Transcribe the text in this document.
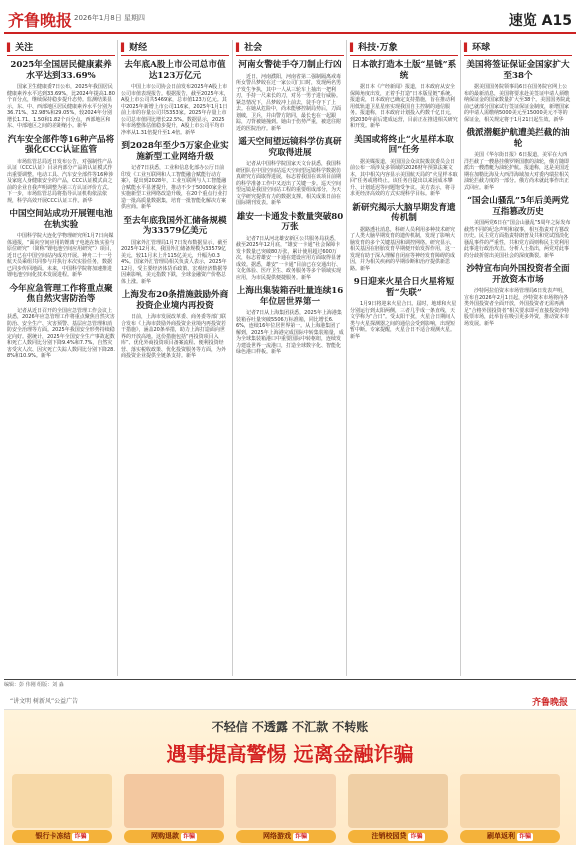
齐鲁晚报 2026年1月8日 星期四	速览 A15
▌ 关注
2025年全国居民健康素养水平达到33.69%

国家卫生健康委7日公布，2025年我国居民健康素养水平达到33.69%，比2024年提高1.80个百分点，继续保持稳步提升态势。监测结果显示，东、中、西部地区居民健康素养水平分别为36.71%、32.98%和29.05%，较2024年分别增长1.71、1.50和1.82个百分点。西部地区和东、中部地区之间的差距缩小。新华

汽车安全部件等16种产品将强化CCC认证监管

市场监管总局近日发布公告，对强制性产品认证（CCC认证）目录内部分产品的认证模式作出重要调整。电动工具、汽车安全部件等16种涉及家庭人身健康安全的产品，CCC认证模式由之前的企业自我声明调整为第三方认证评价方式。下一步，市场监管总局将指导认证机构依法依规，科学高效开展CCC认证工作。新华

中国空间站成功开展锂电池在轨实验

中国科学院大连化学物理研究所1月7日向媒体通报，“面向空间应用的锂离子电池在轨实验与原位研究”（简称“锂电池空间应用研究”）项目，近日已在中国空间站内成功开展。神舟二十一号航天员乘组共同参与并执行本次实验任务，数据已同步传回地面。未来，中国科学院将加速推进锂电池空间化技术发展进程。新华

今年应急管理工作将重点聚焦自然灾害防治等

记者从近日召开的全国应急管理工作会议上获悉，2026年应急管理工作将重点聚焦自然灾害防治、安全生产、灾害预警、基层应急管理和消防安全治理等方面。2025年我国安全形势持续稳定向好。据统计，2025年全国安全生产事故起数和死亡人数同比分别下降9.4%和7.7%，自然灾害受灾人次、因灾死亡失踪人数同比分别下降28.8%和10.9%。新华

▌ 财经
去年底A股上市公司总市值达123万亿元

中国上市公司协会日前发布2025年A股上市公司市值表现报告。根据报告，截至2025年末，A股上市公司共5469家，总市值123万亿元。其中2025年新增上市公司116家，2025年1月1日前上市的存量公司共5353家。2025年存量上市公司总市值同比增长22.5%。数据显示，2025年市场整体估值稳步提升，A股上市公司平均市净率从1.31倍提升至1.4倍。新华

到2028年至少5万家企业实施新型工业网络升级

记者7日获悉，工业和信息化部办公厅日前印发《工业互联网和人工智能融合赋能行动方案》，提出到2028年，工业互联网与人工智能融合赋能水平显著提升，推动不少于50000家企业实施新型工业网络改造升级，在20个重点行业打造一批高质量数据集，培育一批智能化解决方案供应商。新华

至去年底我国外汇储备规模为33579亿美元

国家外汇管理局1月7日发布数据显示，截至2025年12月末，我国外汇储备规模为33579亿美元，较11月末上升115亿美元，升幅为0.34%。国家外汇管理局相关负责人表示，2025年12月，受主要经济体货币政策、宏观经济数据等因素影响，美元指数下跌，全球金融资产价格总体上涨。新华

上海发布20条措施鼓励外商投资企业境内再投资

日前，上海市发展改革委、商务委等部门联合发布《上海市鼓励外商投资企业境内再投资若干措施》，涵盖20条举措，助力上海打造面向世界的开放高地。这份措施包括“再投资项目入库”、优化外商投资项目备案流程、便利投资经营、落实税收政策、优化投资服务等方面，为外商投资企业提供全链条支持。新华

▌ 社会
河南女警徒手夺刀制止行凶

近日，河南濮阳，河南省第二强制隔离戒毒所女警吕梦皎在过一家公司门口时，发现两名男子发生争执，其中一人从三轮车上抽出一把利刃，手持一尺来长的刀，对另一男子进行威胁。紧急情况下，吕梦皎冲上前去，徒手夺下了上去。在她从危险中，尚未能够控制局势后，刀面划破，卫兵，并由警方陪同，最长也在一起跟踪，刀背被她撞到。她由于伤势严重，被送往附近的医院治疗。新华

遥天空间望远镜科学仿真研究取得进展

记者从中国科学院国家天文台获悉，我国科研团队在中国空间站巡天空间望远镜科学数据仿真研究方面取得进展，标志着我国在该项目前期的科学准备工作中又迈出了关键一步。巡天空间望远镜是我国空间站工程的重要组成部分，为天文学研究提供有力的数据支撑。相关成果日前在国际期刊发表。新华

雄安一卡通发卡数量突破80万张

记者7日从河北雄安新区公共服务局获悉，截至2025年12月底，“雄安一卡通”社会保障卡发卡数量已突破80万张，累计使用超过600万次，标志着雄安一卡通在建设应用方面取得显著成效。据悉，雄安“一卡通”目前已在交通出行、文化体验、医疗卫生、政务服务等多个领域实现应用，为市民提供便捷服务。新华

上海出集装箱吞吐量连续16年位居世界第一

记者7日从上海集团获悉，2025年上海港集装箱吞吐量突破5506万标准箱，同比增长6.6%，连续16年位居世界第一。从上海港集团了解到，2025年上海港完成国际中转集装箱量，成为全球集装箱港口中重要国际中转枢纽，连续发力建设世界一流港口，打造全球数字化、智能化绿色港口样板。新华

▌ 科技·万象
日本欲打造本土版“星链”系统

据日本《产经新闻》报道，日本政府从安全保障角度出发，正着手打造“日本版星链”系统。报道说，日本政府已确定支持措施，旨在推动利用低轨道卫星星座实现我国自主控制的通信服务。报道称，日本政府计划投入约数千亿日元，到2030年前后建成运营，目前正在推进相关研究和开发。新华

美国或将终止“火星样本取回”任务

据美媒报道，美国国会众议院拨款委员会日前公布一项涉及多领域的2026财年预算法案文本，其中相关内容显示美国航天局的“火星样本取回”任务或将终止。该任务自提出以来因成本攀升、计划延迟等问题饱受争议。美方表示，将寻求更经济高效的方式实现科学目标。新华

新研究揭示大脑早期发育遗传机制

据路透社消息，科研人员利用多种技术研究了人类大脑早期发育的遗传机制，发现了影响大脑发育的多个关键基因和调控网络。研究显示，相关基因在胚胎发育早期便开始发挥作用，这一发现有助于深入理解自闭症等神经发育障碍的成因，并为相关疾病的早期诊断和治疗提供新思路。新华

9日迎来火星合日火星将短暂“失联”

1月9日将迎来火星合日。届时，地球和火星分别运行到太阳两侧，三者几乎成一条直线，天文学称为“合日”。受太阳干扰，火星合日期间人类与火星探测器之间的通信会受到影响，出现短暂中断。专家提醒，火星合日不适合观测火星。新华

▌ 环球
美国将签证保证金国家扩大至38个

据美国国务院领事局6日在国务院官网上公布的最新消息，美国将要求赴美签证申请人须缴纳保证金的国家数量扩大至38个。美国国务院此前已就部分国家试行签证保证金制度，新增国家的申请人需缴纳5000美元至15000美元不等的保证金，相关规定将于1月21日起生效。新华

俄派潜艇护航遭美拦截的油轮

美国《华尔街日报》6日报道，美军在大西洋拦截了一艘悬挂俄罗斯国旗的油轮，俄方随即派出一艘潜艇为油轮护航。报道称，这是美国近期在加勒比海及大西洋海域加大对委内瑞拉相关油轮拦截力度的一部分。俄方尚未就此事作出正式回应。新华

“国会山骚乱”5年后美两党互指篡改历史

美国两党6日在“国会山骚乱”5周年之际发布截然不同的纪念声明和叙事，相互指责对方篡改历史。民主党方面指责特朗普及共和党试图淡化骚乱事件的严重性，共和党方面则称民主党利用此事进行政治攻击。分析人士指出，两党对此事的分歧折射出美国社会的深度撕裂。新华

沙特宣布向外国投资者全面开放资本市场

沙特阿拉伯资本市场管理局6日发表声明，宣布自2026年2月1日起，沙特资本市场将向各类外国投资者全面开放，外国投资者无需再满足“合格外国投资者”相关要求即可直接投资沙特股票市场，此举旨在吸引更多外资，推动资本市场发展。新华

编辑：彭 伟刚 组版：刘 淼
“讲文明 树新风”公益广告	齐鲁晚报
不轻信 不透露 不汇款 不转账
遇事提高警惕 远离金融诈骗
银行卡冻结 诈骗	网购退款 诈骗	网络游戏 诈骗	注销校园贷 诈骗	刷单返利 诈骗
